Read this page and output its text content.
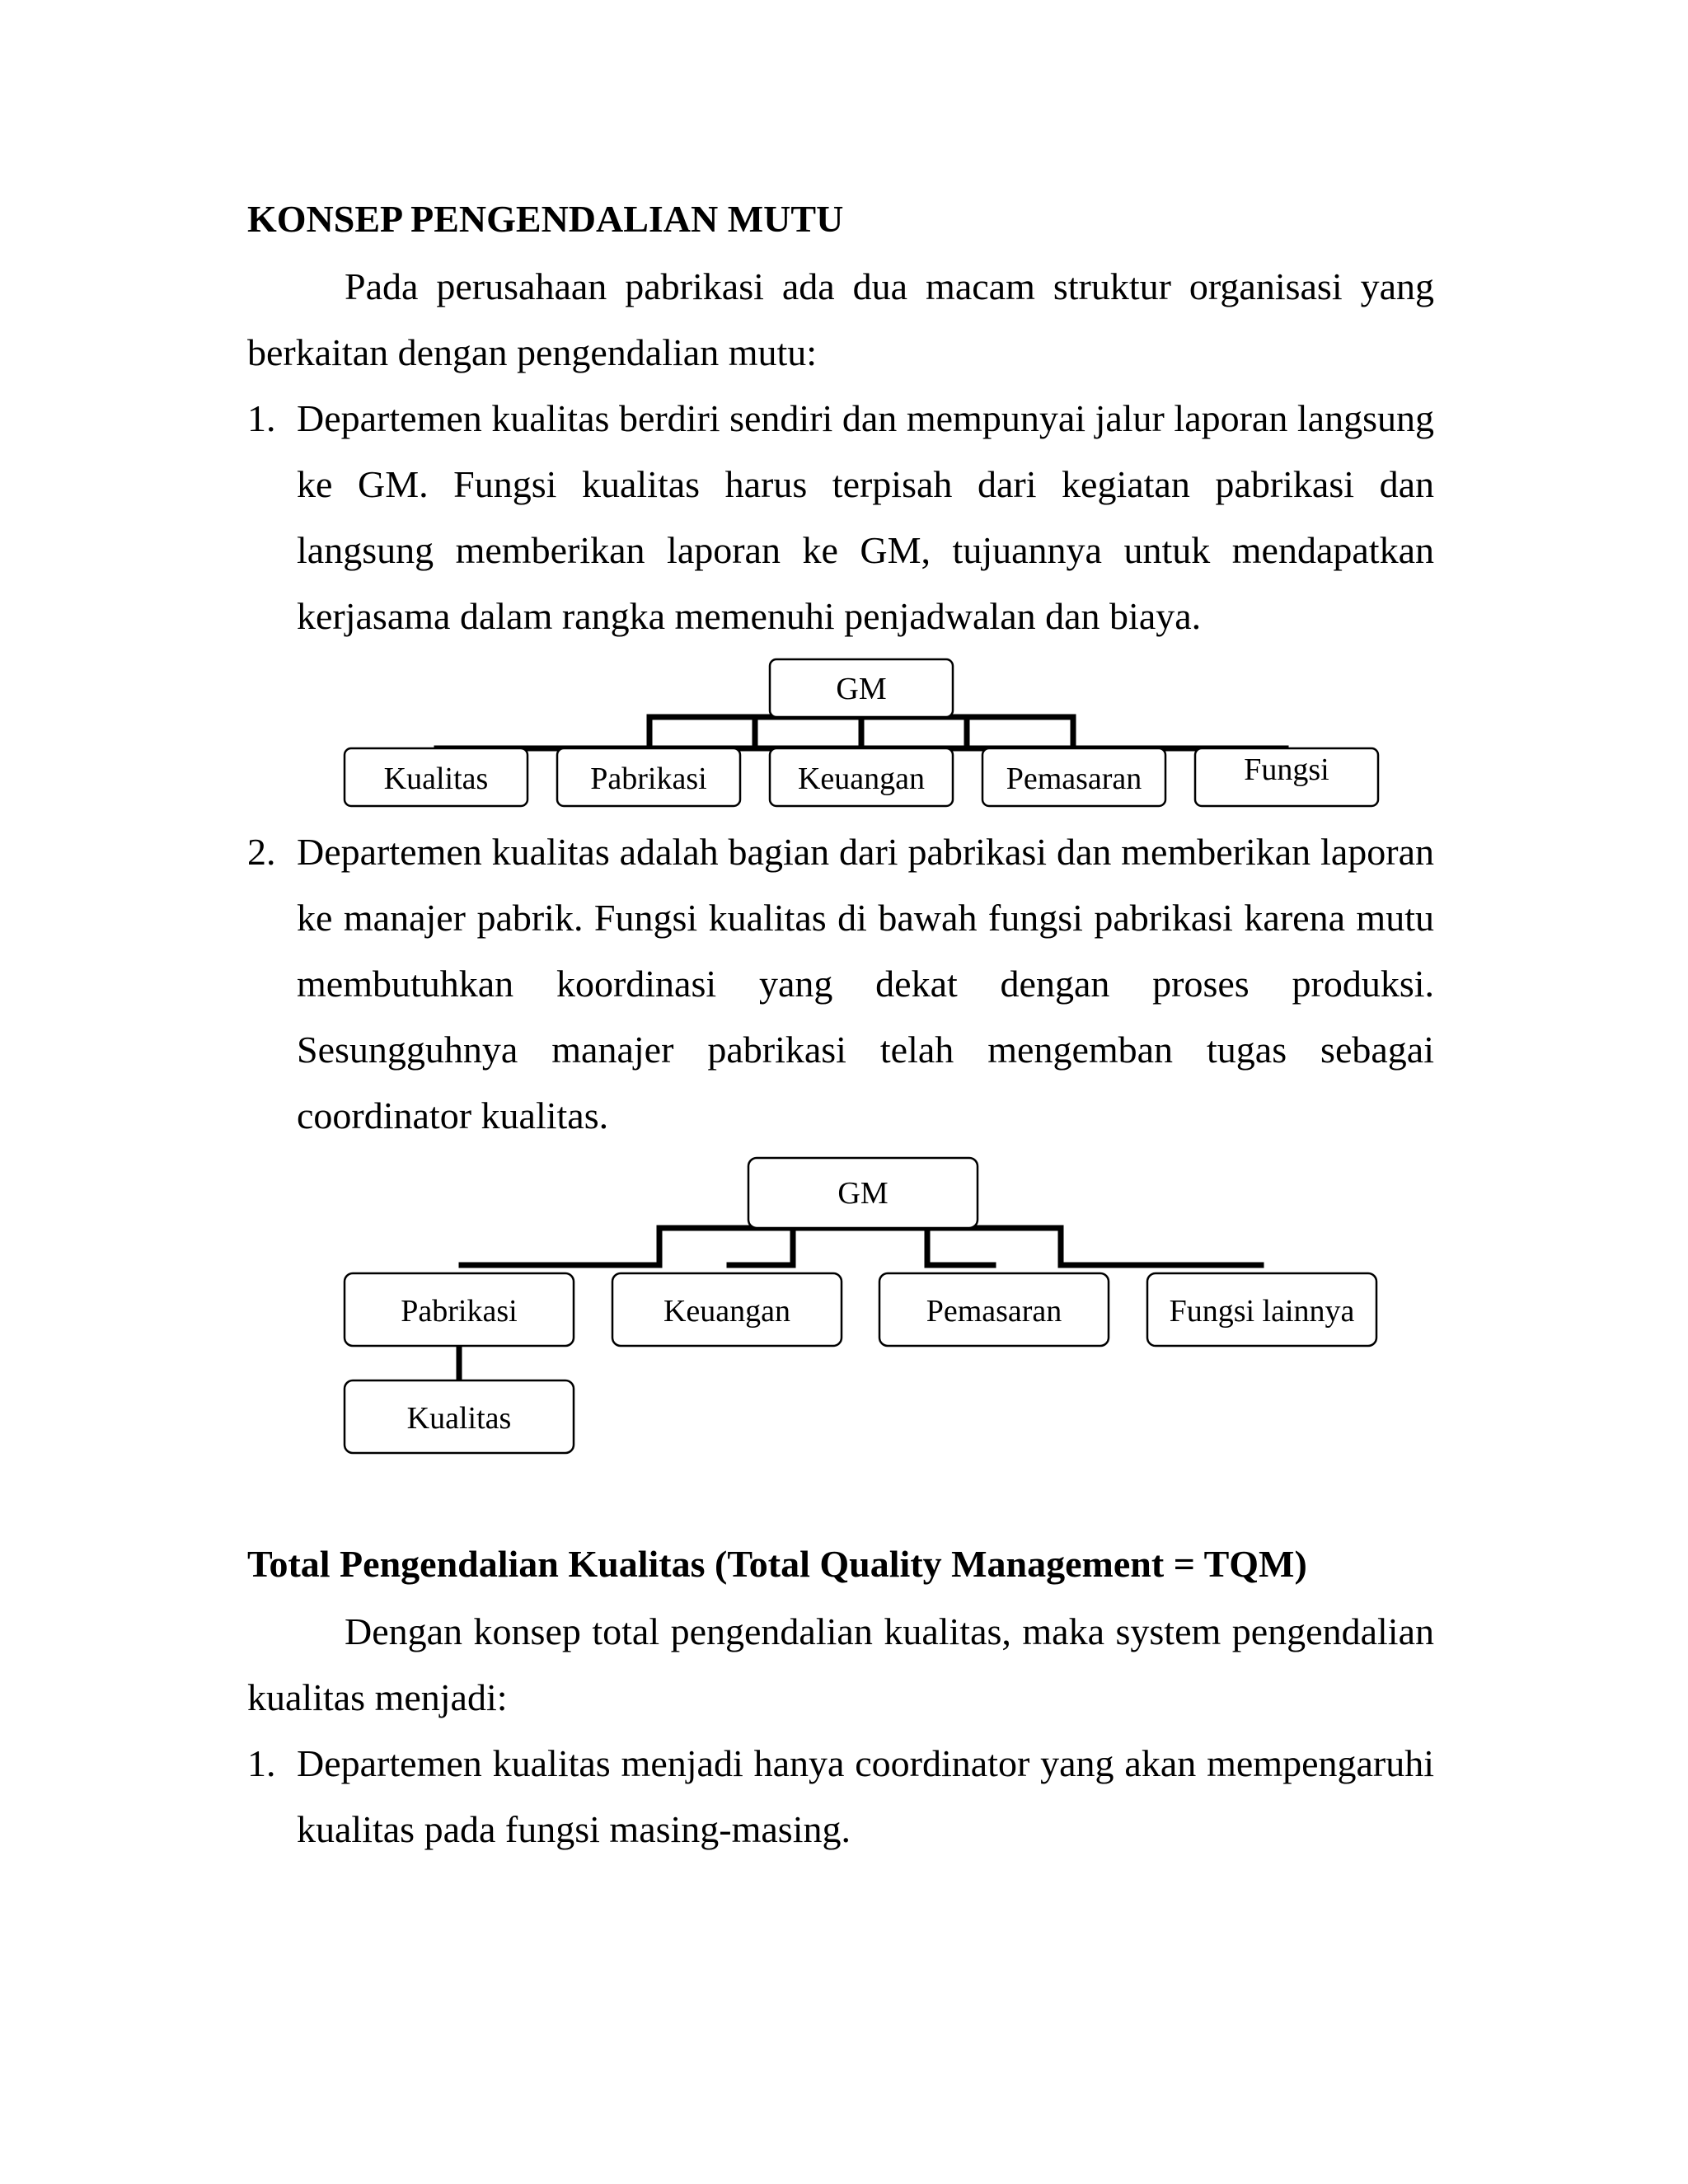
KONSEP PENGENDALIAN MUTU
Pada perusahaan pabrikasi ada dua macam struktur organisasi yang berkaitan dengan pengendalian mutu:
1. Departemen kualitas berdiri sendiri dan mempunyai jalur laporan langsung ke GM. Fungsi kualitas harus terpisah dari kegiatan pabrikasi dan langsung memberikan laporan ke GM, tujuannya untuk mendapatkan kerjasama dalam rangka memenuhi penjadwalan dan biaya.
GM
Kualitas	Pabrikasi	Keuangan	Pemasaran	Fungsi
2. Departemen kualitas adalah bagian dari pabrikasi dan memberikan laporan ke manajer pabrik. Fungsi kualitas di bawah fungsi pabrikasi karena mutu membutuhkan koordinasi yang dekat dengan proses produksi. Sesungguhnya manajer pabrikasi telah mengemban tugas sebagai coordinator kualitas.
GM
Pabrikasi	Keuangan	Pemasaran	Fungsi lainnya
Kualitas
Total Pengendalian Kualitas (Total Quality Management = TQM)
Dengan konsep total pengendalian kualitas, maka system pengendalian kualitas menjadi:
1. Departemen kualitas menjadi hanya coordinator yang akan mempengaruhi kualitas pada fungsi masing-masing.
